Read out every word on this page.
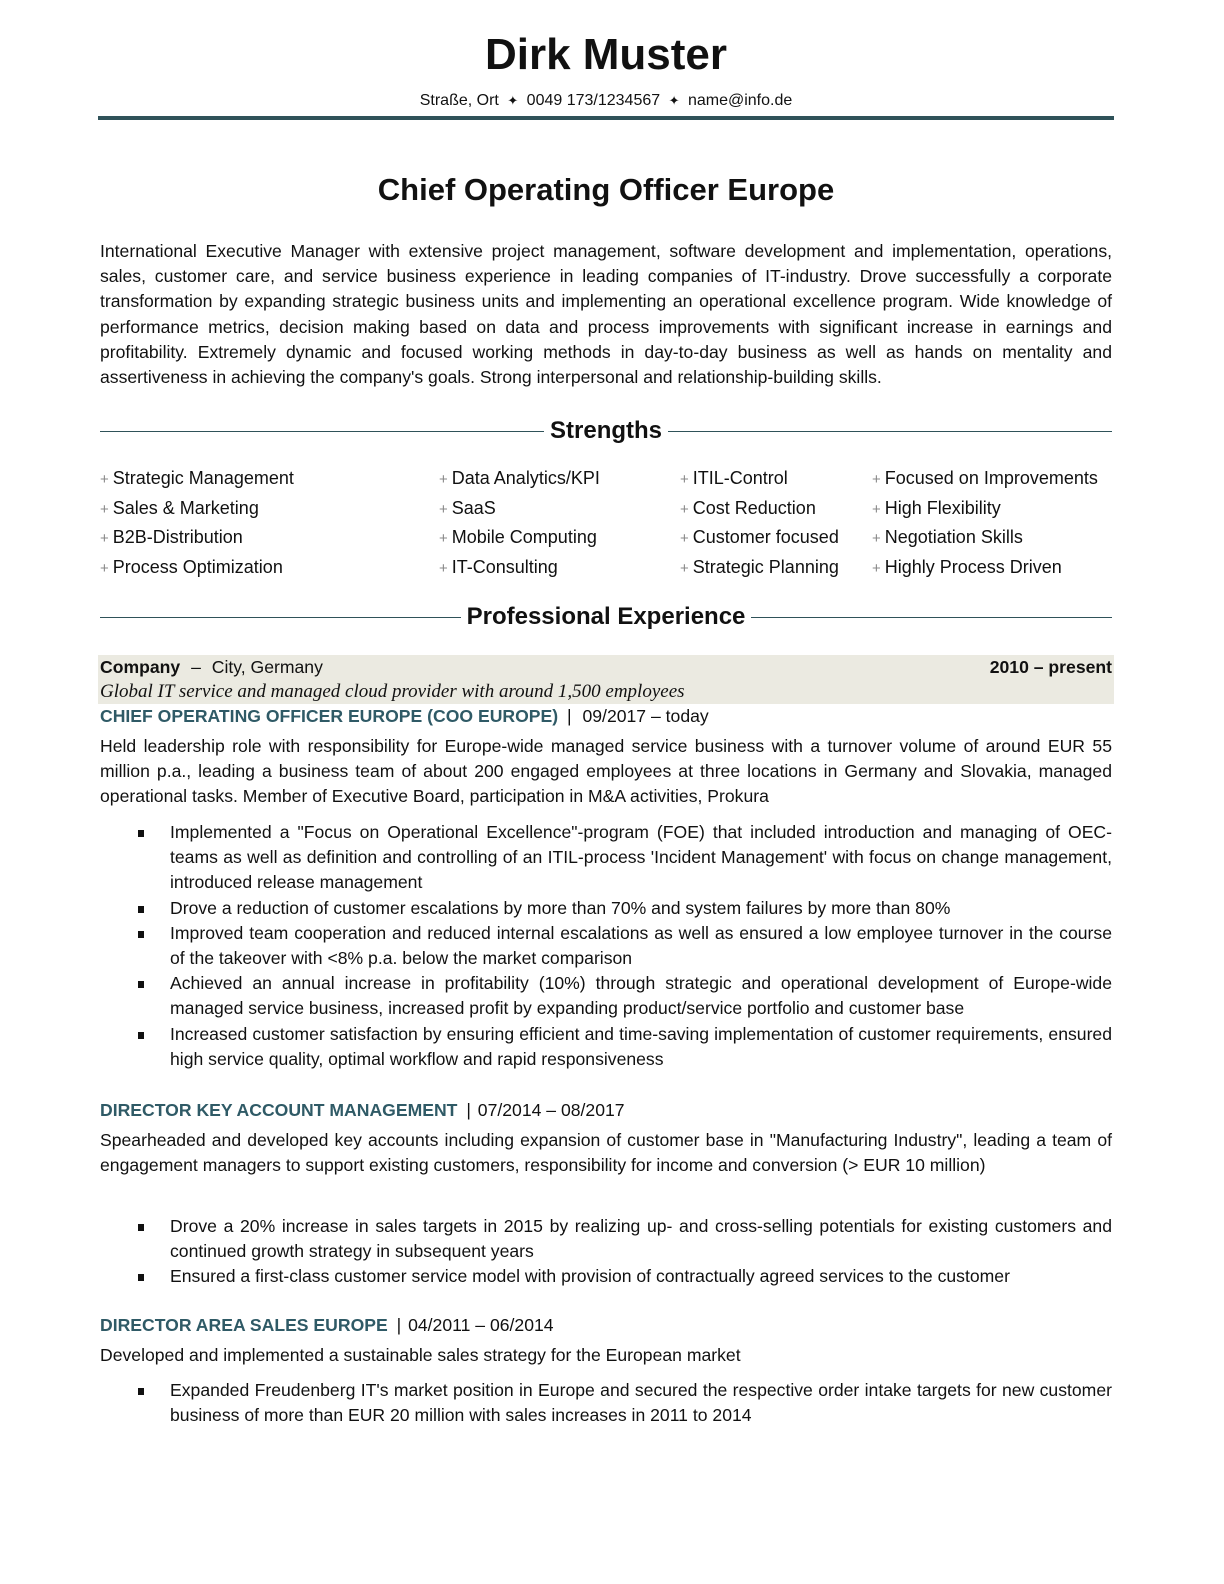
Dirk Muster
Straße, Ort ✦ 0049 173/1234567 ✦ name@info.de
Chief Operating Officer Europe
International Executive Manager with extensive project management, software development and implementation, operations, sales, customer care, and service business experience in leading companies of IT-industry. Drove successfully a corporate transformation by expanding strategic business units and implementing an operational excellence program. Wide knowledge of performance metrics, decision making based on data and process improvements with significant increase in earnings and profitability. Extremely dynamic and focused working methods in day-to-day business as well as hands on mentality and assertiveness in achieving the company's goals. Strong interpersonal and relationship-building skills.
Strengths
+ Strategic Management
+ Sales & Marketing
+ B2B-Distribution
+ Process Optimization
+ Data Analytics/KPI
+ SaaS
+ Mobile Computing
+ IT-Consulting
+ ITIL-Control
+ Cost Reduction
+ Customer focused
+ Strategic Planning
+ Focused on Improvements
+ High Flexibility
+ Negotiation Skills
+ Highly Process Driven
Professional Experience
Company – City, Germany	2010 – present
Global IT service and managed cloud provider with around 1,500 employees
CHIEF OPERATING OFFICER EUROPE (COO EUROPE) | 09/2017 – today
Held leadership role with responsibility for Europe-wide managed service business with a turnover volume of around EUR 55 million p.a., leading a business team of about 200 engaged employees at three locations in Germany and Slovakia, managed operational tasks. Member of Executive Board, participation in M&A activities, Prokura
Implemented a "Focus on Operational Excellence"-program (FOE) that included introduction and managing of OEC-teams as well as definition and controlling of an ITIL-process 'Incident Management' with focus on change management, introduced release management
Drove a reduction of customer escalations by more than 70% and system failures by more than 80%
Improved team cooperation and reduced internal escalations as well as ensured a low employee turnover in the course of the takeover with <8% p.a. below the market comparison
Achieved an annual increase in profitability (10%) through strategic and operational development of Europe-wide managed service business, increased profit by expanding product/service portfolio and customer base
Increased customer satisfaction by ensuring efficient and time-saving implementation of customer requirements, ensured high service quality, optimal workflow and rapid responsiveness
DIRECTOR KEY ACCOUNT MANAGEMENT | 07/2014 – 08/2017
Spearheaded and developed key accounts including expansion of customer base in "Manufacturing Industry", leading a team of engagement managers to support existing customers, responsibility for income and conversion (> EUR 10 million)
Drove a 20% increase in sales targets in 2015 by realizing up- and cross-selling potentials for existing customers and continued growth strategy in subsequent years
Ensured a first-class customer service model with provision of contractually agreed services to the customer
DIRECTOR AREA SALES EUROPE | 04/2011 – 06/2014
Developed and implemented a sustainable sales strategy for the European market
Expanded Freudenberg IT's market position in Europe and secured the respective order intake targets for new customer business of more than EUR 20 million with sales increases in 2011 to 2014
